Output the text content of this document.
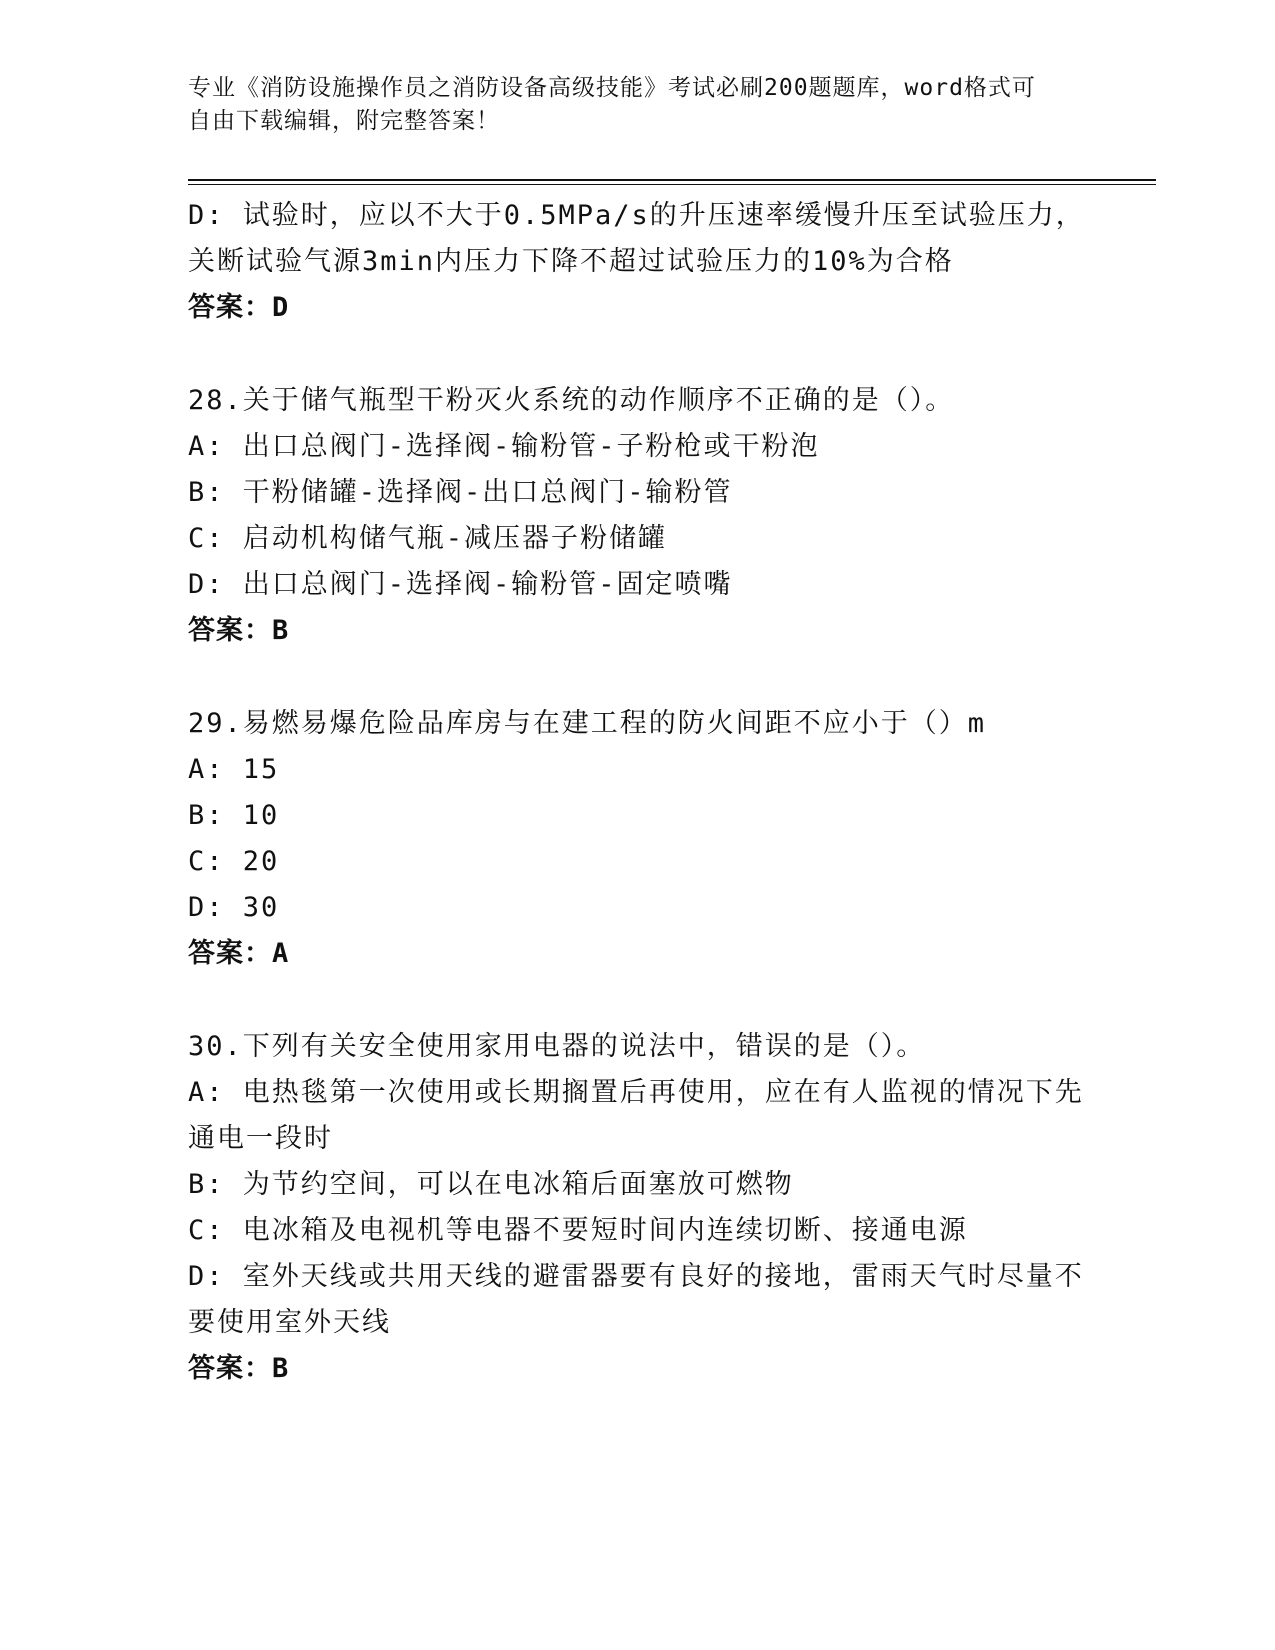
专业《消防设施操作员之消防设备高级技能》考试必刷200题题库，word格式可
自由下载编辑，附完整答案！
D: 试验时，应以不大于0.5MPa/s的升压速率缓慢升压至试验压力，
关断试验气源3min内压力下降不超过试验压力的10%为合格
答案：D
28.关于储气瓶型干粉灭火系统的动作顺序不正确的是（）。
A: 出口总阀门-选择阀-输粉管-子粉枪或干粉泡
B: 干粉储罐-选择阀-出口总阀门-输粉管
C: 启动机构储气瓶-减压器子粉储罐
D: 出口总阀门-选择阀-输粉管-固定喷嘴
答案：B
29.易燃易爆危险品库房与在建工程的防火间距不应小于（）m
A: 15
B: 10
C: 20
D: 30
答案：A
30.下列有关安全使用家用电器的说法中，错误的是（）。
A: 电热毯第一次使用或长期搁置后再使用，应在有人监视的情况下先
通电一段时
B: 为节约空间，可以在电冰箱后面塞放可燃物
C: 电冰箱及电视机等电器不要短时间内连续切断、接通电源
D: 室外天线或共用天线的避雷器要有良好的接地，雷雨天气时尽量不
要使用室外天线
答案：B
